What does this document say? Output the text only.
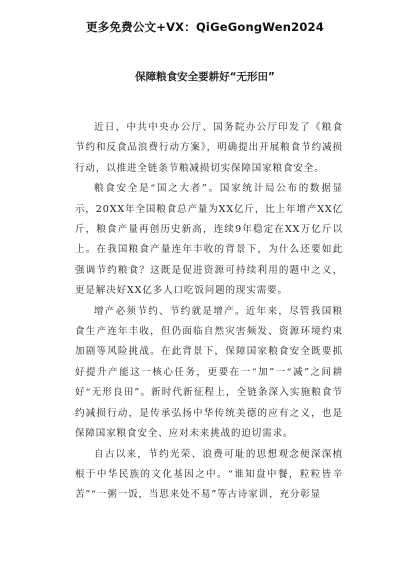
更多免费公文+VX：QiGeGongWen2024
保障粮食安全要耕好“无形田”

近日，中共中央办公厅、国务院办公厅印发了《粮食节约和反食品浪费行动方案》，明确提出开展粮食节约减损行动，以推进全链条节粮减损切实保障国家粮食安全。

粮食安全是“国之大者”。国家统计局公布的数据显示，20XX年全国粮食总产量为XX亿斤，比上年增产XX亿斤，粮食产量再创历史新高，连续9年稳定在XX万亿斤以上。在我国粮食产量连年丰收的背景下，为什么还要如此强调节约粮食？这既是促进资源可持续利用的题中之义，更是解决好XX亿多人口吃饭问题的现实需要。

增产必须节约、节约就是增产。近年来，尽管我国粮食生产连年丰收，但仍面临自然灾害频发、资源环境约束加剧等风险挑战。在此背景下，保障国家粮食安全既要抓好提升产能这一核心任务，更要在一“加”一“减”之间耕好“无形良田”。新时代新征程上，全链条深入实施粮食节约减损行动，是传承弘扬中华传统美德的应有之义，也是保障国家粮食安全、应对未来挑战的迫切需求。

自古以来，节约光荣、浪费可耻的思想观念便深深植根于中华民族的文化基因之中。“谁知盘中餐，粒粒皆辛苦”“一粥一饭，当思来处不易”等古诗家训，充分彰显
